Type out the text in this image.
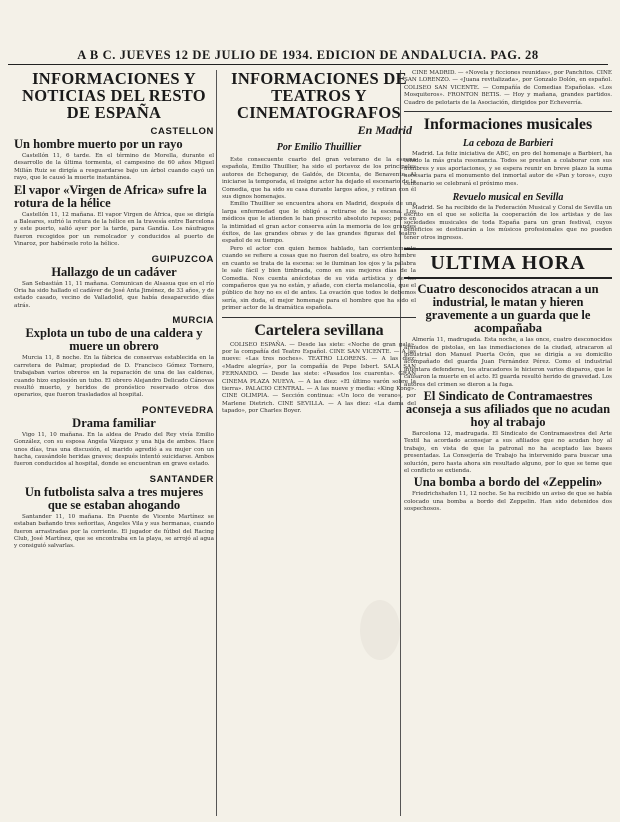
A B C. JUEVES 12 DE JULIO DE 1934. EDICION DE ANDALUCIA. PAG. 28
INFORMACIONES Y NOTICIAS DEL RESTO DE ESPAÑA
CASTELLON
Un hombre muerto por un rayo

Castellón 11, 6 tarde. En el término de Morella, durante el desarrollo de la última tormenta, el campesino de 60 años Miguel Millán Ruiz se dirigía a resguardarse bajo un árbol cuando cayó un rayo, que le causó la muerte instantánea.

El vapor «Virgen de Africa» sufre la rotura de la hélice

Castellón 11, 12 mañana. El vapor Virgen de África, que se dirigía a Baleares, sufrió la rotura de la hélice en la travesía entre Barcelona y este puerto, salió ayer por la tarde, para Gandía. Los náufragos fueron recogidos por un remolcador y conducidos al puerto de Vinaroz, por habérsele roto la hélice.

GUIPUZCOA
Hallazgo de un cadáver

San Sebastián 11, 11 mañana. Comunican de Alsasua que en el río Oria ha sido hallado el cadáver de José Anta Jiménez, de 33 años, y de estado casado, vecino de Valladolid, que había desaparecido días atrás.

MURCIA
Explota un tubo de una caldera y muere un obrero

Murcia 11, 8 noche. En la fábrica de conservas establecida en la carretera de Palmar, propiedad de D. Francisco Gómez Tornero, trabajaban varios obreros en la reparación de una de las calderas, cuando hizo explosión un tubo. El obrero Alejandro Delicado Cánovas resultó muerto, y heridos de pronóstico reservado otros dos operarios, que fueron trasladados al hospital.

PONTEVEDRA
Drama familiar

Vigo 11, 10 mañana. En la aldea de Prado del Rey vivía Emilio González, con su esposa Angela Vázquez y una hija de ambos. Hace unos días, tras una discusión, el marido agredió a su mujer con un hacha, causándole heridas graves; después intentó suicidarse. Ambos fueron conducidos al hospital, donde se encuentran en grave estado.

SANTANDER
Un futbolista salva a tres mujeres que se estaban ahogando

Santander 11, 10 mañana. En Puente de Vicente Martínez se estaban bañando tres señoritas, Angeles Vila y sus hermanas, cuando fueron arrastradas por la corriente. El jugador de fútbol del Racing Club, José Martínez, que se encontraba en la playa, se arrojó al agua y consiguió salvarlas.

INFORMACIONES DE TEATROS Y CINEMATOGRAFOS
En Madrid
Por Emilio Thuillier

Este consecuente cuarto del gran veterano de la escena española, Emilio Thuillier, ha sido el portavoz de los principales autores de Echegaray, de Galdós, de Dicenta, de Benavente. Al iniciarse la temporada, el insigne actor ha dejado el escenario de la Comedia, que ha sido su casa durante largos años, y retiran con él sus dignos homenajes.

Emilio Thuillier se encuentra ahora en Madrid, después de una larga enfermedad que le obligó a retirarse de la escena. Los médicos que le atienden le han prescrito absoluto reposo; pero en la intimidad el gran actor conserva aún la memoria de los grandes éxitos, de las grandes obras y de las grandes figuras del teatro español de su tiempo.

Pero el actor con quien hemos hablado, tan corrientemente cuando se refiere a cosas que no fueron del teatro, es otro hombre en cuanto se trata de la escena: se le iluminan los ojos y la palabra le sale fácil y bien timbrada, como en sus mejores días de la Comedia. Nos cuenta anécdotas de su vida artística y de los compañeros que ya no están, y añade, con cierta melancolía, que el público de hoy no es el de antes. La ovación que todos le debemos sería, sin duda, el mejor homenaje para el hombre que ha sido el primer actor de la dramática española.

Cartelera sevillana

COLISEO ESPAÑA. — Desde las siete: «Noche de gran gala», por la compañía del Teatro Español. CINE SAN VICENTE. — A las nueve: «Las tres noches». TEATRO LLORENS. — A las diez: «Madre alegría», por la compañía de Pepe Isbert. SALA SAN FERNANDO. — Desde las siete: «Pasados los cuarenta». GRAN CINEMA PLAZA NUEVA. — A las diez: «El último varón sobre la tierra». PALACIO CENTRAL. — A las nueve y media: «King Kong». CINE OLIMPIA. — Sección continua: «Un loco de verano», por Marlene Dietrich. CINE SEVILLA. — A las diez: «La dama del tapado», por Charles Boyer.

CINE MADRID. — «Novela y ficciones reunidas», por Panchitos. CINE SAN LORENZO. — «Juana revitalizada», por Gonzalo Dolón, en español. COLISEO SAN VICENTE. — Compañía de Comedias Españolas. «Los Mosquiteros». FRONTON BETIS. — Hoy y mañana, grandes partidos. Cuadro de pelotaris de la Asociación, dirigidos por Echeverría.

Informaciones musicales
La ceboza de Barbieri

Madrid. La feliz iniciativa de ABC, en pro del homenaje a Barbieri, ha tenido la más grata resonancia. Todos se prestan a colaborar con sus nombres y sus aportaciones, y se espera reunir en breve plazo la suma necesaria para el monumento del inmortal autor de «Pan y toros», cuyo centenario se celebrará el próximo mes.

Revuelo musical en Sevilla

Madrid. Se ha recibido de la Federación Musical y Coral de Sevilla un escrito en el que se solicita la cooperación de los artistas y de las sociedades musicales de toda España para un gran festival, cuyos beneficios se destinarán a los músicos profesionales que no pueden tener otros ingresos.

ULTIMA HORA
Cuatro desconocidos atracan a un industrial, le matan y hieren gravemente a un guarda que le acompañaba

Almería 11, madrugada. Esta noche, a las once, cuatro desconocidos armados de pistolas, en las inmediaciones de la ciudad, atracaron al industrial don Manuel Puerta Ocón, que se dirigía a su domicilio acompañado del guarda Juan Fernández Pérez. Como el industrial intentara defenderse, los atracadores le hicieron varios disparos, que le causaron la muerte en el acto. El guarda resultó herido de gravedad. Los autores del crimen se dieron a la fuga.

El Sindicato de Contramaestres aconseja a sus afiliados que no acudan hoy al trabajo

Barcelona 12, madrugada. El Sindicato de Contramaestres del Arte Textil ha acordado aconsejar a sus afiliados que no acudan hoy al trabajo, en vista de que la patronal no ha aceptado las bases presentadas. La Consejería de Trabajo ha intervenido para buscar una solución, pero hasta ahora sin resultado alguno, por lo que se teme que el conflicto se extienda.

Una bomba a bordo del «Zeppelin»

Friedrichshafen 11, 12 noche. Se ha recibido un aviso de que se había colocado una bomba a bordo del Zeppelin. Han sido detenidos dos sospechosos.
